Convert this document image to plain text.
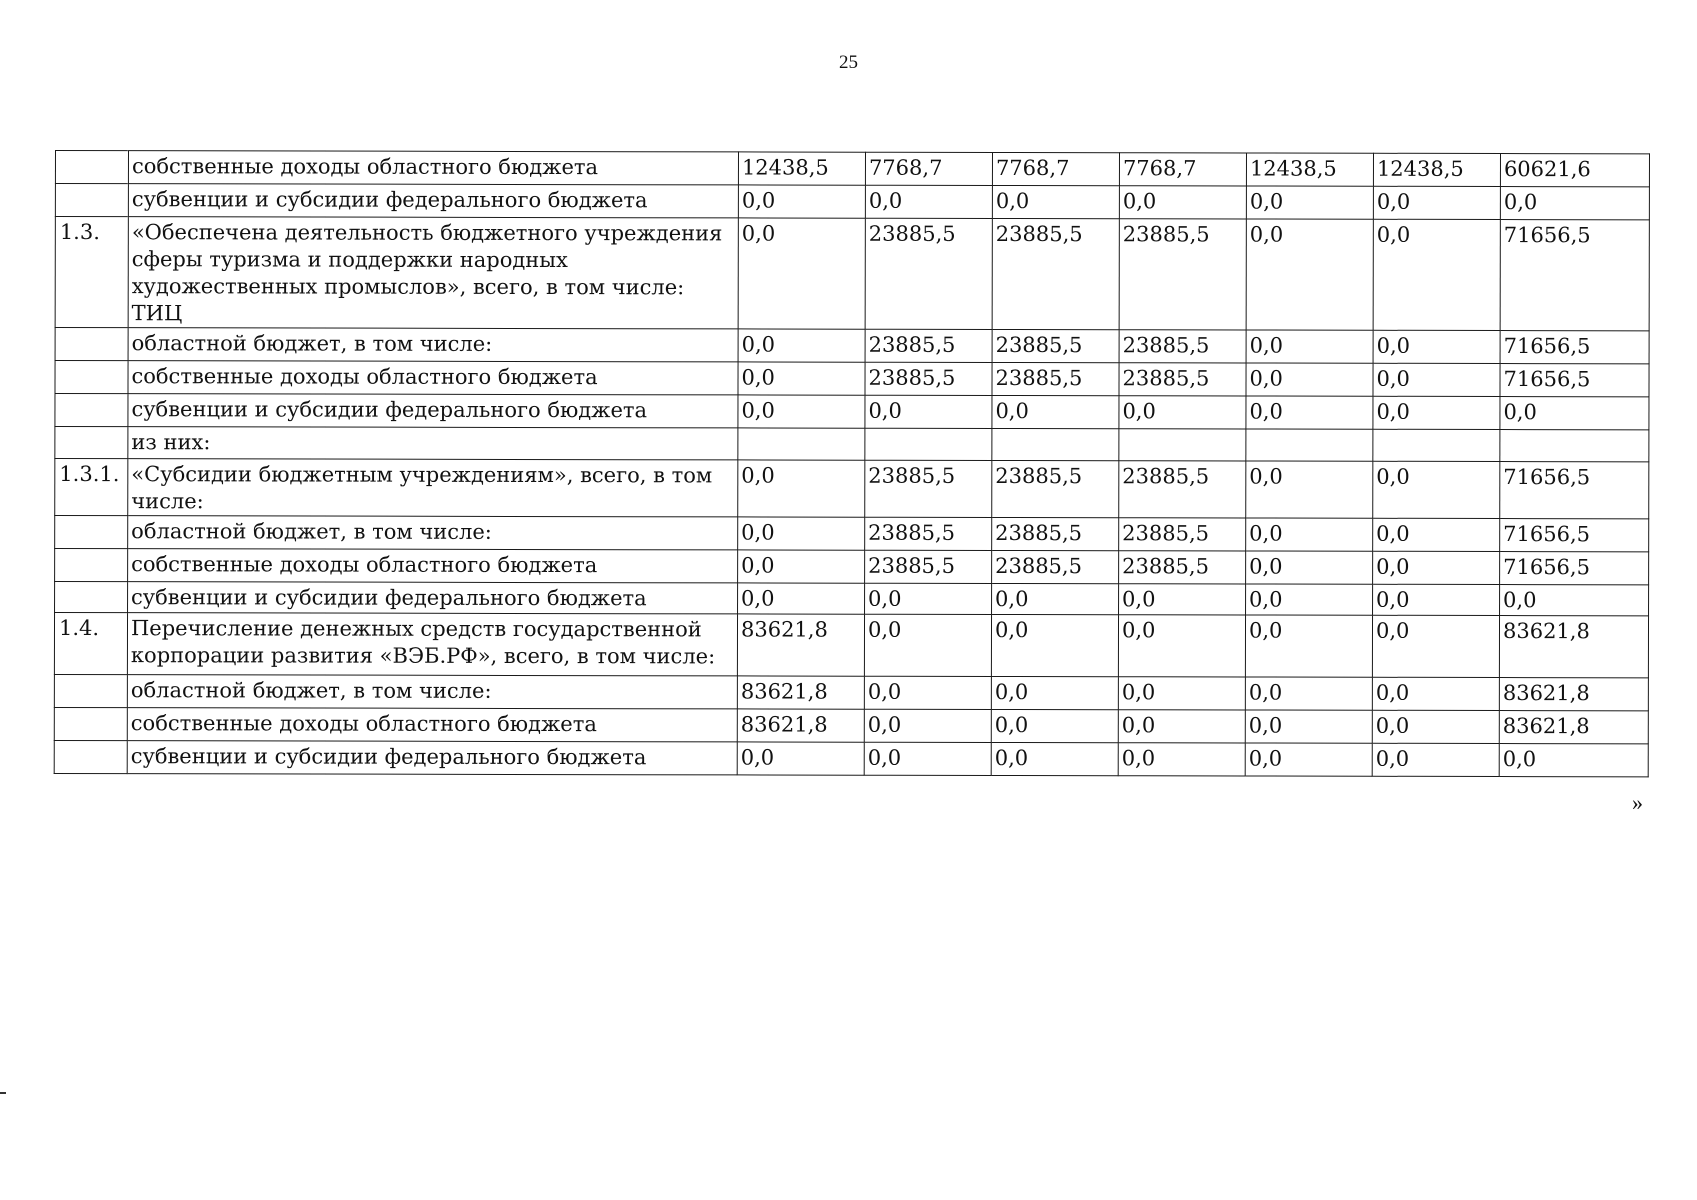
25
	собственные доходы областного бюджета	12438,5	7768,7	7768,7	7768,7	12438,5	12438,5	60621,6
	субвенции и субсидии федерального бюджета	0,0	0,0	0,0	0,0	0,0	0,0	0,0
1.3.	«Обеспечена деятельность бюджетного учреждения сферы туризма и поддержки народных художественных промыслов», всего, в том числе: ТИЦ	0,0	23885,5	23885,5	23885,5	0,0	0,0	71656,5
	областной бюджет, в том числе:	0,0	23885,5	23885,5	23885,5	0,0	0,0	71656,5
	собственные доходы областного бюджета	0,0	23885,5	23885,5	23885,5	0,0	0,0	71656,5
	субвенции и субсидии федерального бюджета	0,0	0,0	0,0	0,0	0,0	0,0	0,0
	из них:							
1.3.1.	«Субсидии бюджетным учреждениям», всего, в том числе:	0,0	23885,5	23885,5	23885,5	0,0	0,0	71656,5
	областной бюджет, в том числе:	0,0	23885,5	23885,5	23885,5	0,0	0,0	71656,5
	собственные доходы областного бюджета	0,0	23885,5	23885,5	23885,5	0,0	0,0	71656,5
	субвенции и субсидии федерального бюджета	0,0	0,0	0,0	0,0	0,0	0,0	0,0
1.4.	Перечисление денежных средств государственной корпорации развития «ВЭБ.РФ», всего, в том числе:	83621,8	0,0	0,0	0,0	0,0	0,0	83621,8
	областной бюджет, в том числе:	83621,8	0,0	0,0	0,0	0,0	0,0	83621,8
	собственные доходы областного бюджета	83621,8	0,0	0,0	0,0	0,0	0,0	83621,8
	субвенции и субсидии федерального бюджета	0,0	0,0	0,0	0,0	0,0	0,0	0,0
»
